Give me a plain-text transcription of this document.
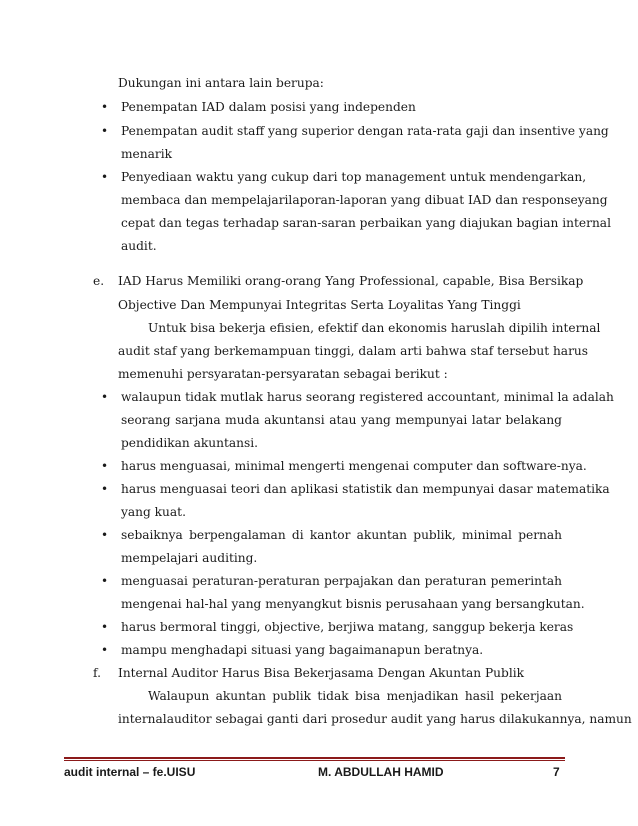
Dukungan ini antara lain berupa:
• Penempatan IAD dalam posisi yang independen
• Penempatan audit staff yang superior dengan rata-rata gaji dan insentive yang
menarik
• Penyediaan waktu yang cukup dari top management untuk mendengarkan,
membaca dan mempelajarilaporan-laporan yang dibuat IAD dan responseyang
cepat dan tegas terhadap saran-saran perbaikan yang diajukan bagian internal
audit.
e. IAD Harus Memiliki orang-orang Yang Professional, capable, Bisa Bersikap
Objective Dan Mempunyai Integritas Serta Loyalitas Yang Tinggi
Untuk bisa bekerja efisien, efektif dan ekonomis haruslah dipilih internal
audit staf yang berkemampuan tinggi, dalam arti bahwa staf tersebut harus
memenuhi persyaratan-persyaratan sebagai berikut :
• walaupun tidak mutlak harus seorang registered accountant, minimal la adalah
seorang sarjana muda akuntansi atau yang mempunyai latar belakang
pendidikan akuntansi.
• harus menguasai, minimal mengerti mengenai computer dan software-nya.
• harus menguasai teori dan aplikasi statistik dan mempunyai dasar matematika
yang kuat.
• sebaiknya berpengalaman di kantor akuntan publik, minimal pernah
mempelajari auditing.
• menguasai peraturan-peraturan perpajakan dan peraturan pemerintah
mengenai hal-hal yang menyangkut bisnis perusahaan yang bersangkutan.
• harus bermoral tinggi, objective, berjiwa matang, sanggup bekerja keras
• mampu menghadapi situasi yang bagaimanapun beratnya.
f. Internal Auditor Harus Bisa Bekerjasama Dengan Akuntan Publik
Walaupun akuntan publik tidak bisa menjadikan hasil pekerjaan
internalauditor sebagai ganti dari prosedur audit yang harus dilakukannya, namun
audit internal – fe.UISU	M. ABDULLAH HAMID	7
